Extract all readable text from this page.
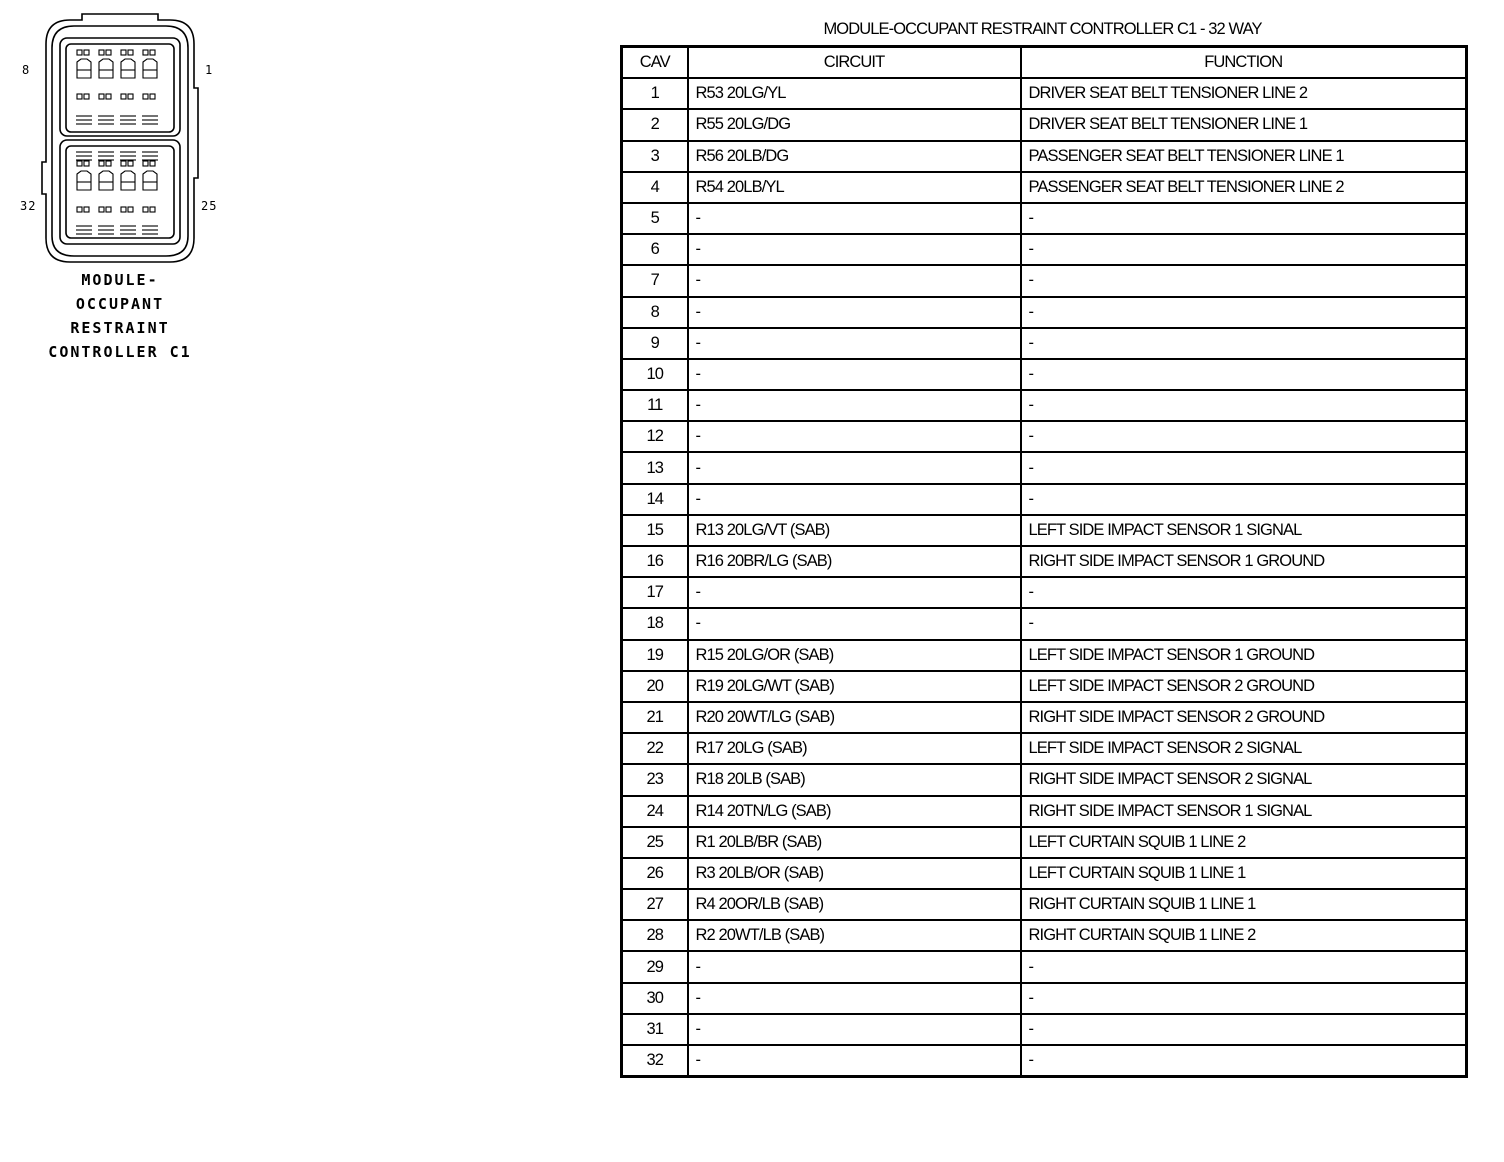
8	1
32	25
MODULE-
OCCUPANT
RESTRAINT
CONTROLLER C1
MODULE-OCCUPANT RESTRAINT CONTROLLER C1 - 32 WAY
CAV	CIRCUIT	FUNCTION
1	R53 20LG/YL	DRIVER SEAT BELT TENSIONER LINE 2
2	R55 20LG/DG	DRIVER SEAT BELT TENSIONER LINE 1
3	R56 20LB/DG	PASSENGER SEAT BELT TENSIONER LINE 1
4	R54 20LB/YL	PASSENGER SEAT BELT TENSIONER LINE 2
5	-	-
6	-	-
7	-	-
8	-	-
9	-	-
10	-	-
11	-	-
12	-	-
13	-	-
14	-	-
15	R13 20LG/VT (SAB)	LEFT SIDE IMPACT SENSOR 1 SIGNAL
16	R16 20BR/LG (SAB)	RIGHT SIDE IMPACT SENSOR 1 GROUND
17	-	-
18	-	-
19	R15 20LG/OR (SAB)	LEFT SIDE IMPACT SENSOR 1 GROUND
20	R19 20LG/WT (SAB)	LEFT SIDE IMPACT SENSOR 2 GROUND
21	R20 20WT/LG (SAB)	RIGHT SIDE IMPACT SENSOR 2 GROUND
22	R17 20LG (SAB)	LEFT SIDE IMPACT SENSOR 2 SIGNAL
23	R18 20LB (SAB)	RIGHT SIDE IMPACT SENSOR 2 SIGNAL
24	R14 20TN/LG (SAB)	RIGHT SIDE IMPACT SENSOR 1 SIGNAL
25	R1 20LB/BR (SAB)	LEFT CURTAIN SQUIB 1 LINE 2
26	R3 20LB/OR (SAB)	LEFT CURTAIN SQUIB 1 LINE 1
27	R4 20OR/LB (SAB)	RIGHT CURTAIN SQUIB 1 LINE 1
28	R2 20WT/LB (SAB)	RIGHT CURTAIN SQUIB 1 LINE 2
29	-	-
30	-	-
31	-	-
32	-	-
